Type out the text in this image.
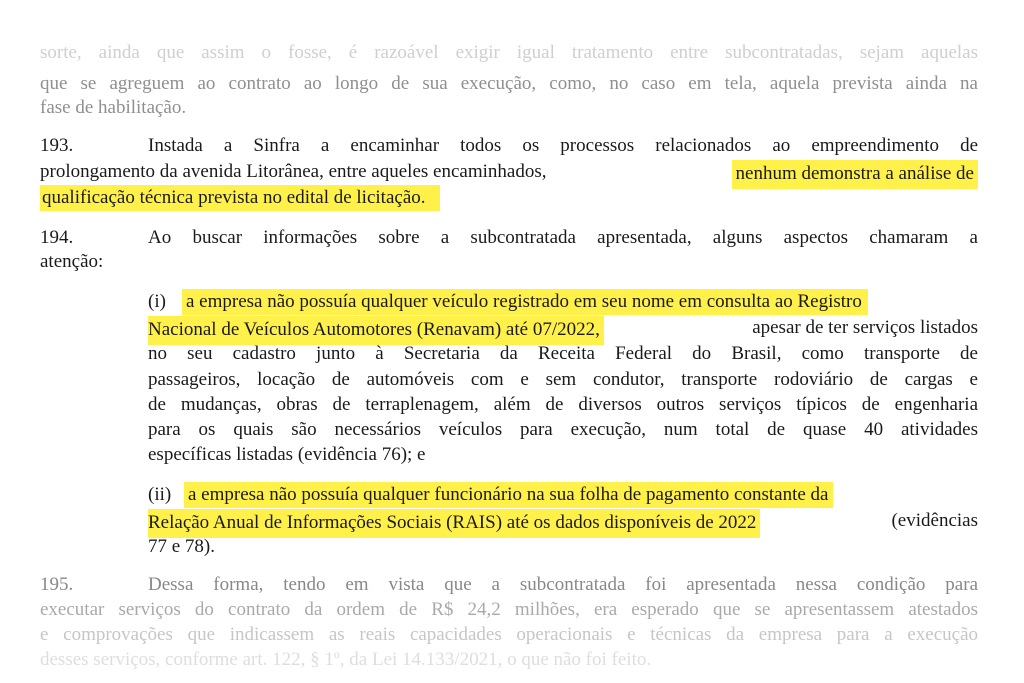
sorte, ainda que assim o fosse, é razoável exigir igual tratamento entre subcontratadas, sejam aquelas
que se agreguem ao contrato ao longo de sua execução, como, no caso em tela, aquela prevista ainda na
fase de habilitação.
193.	Instada a Sinfra a encaminhar todos os processos relacionados ao empreendimento de
prolongamento da avenida Litorânea, entre aqueles encaminhados,	nenhum demonstra a análise de
qualificação técnica prevista no edital de licitação.
194.	Ao buscar informações sobre a subcontratada apresentada, alguns aspectos chamaram a
atenção:
(i) a empresa não possuía qualquer veículo registrado em seu nome em consulta ao Registro
Nacional de Veículos Automotores (Renavam) até 07/2022,	apesar de ter serviços listados
no seu cadastro junto à Secretaria da Receita Federal do Brasil, como transporte de
passageiros, locação de automóveis com e sem condutor, transporte rodoviário de cargas e
de mudanças, obras de terraplenagem, além de diversos outros serviços típicos de engenharia
para os quais são necessários veículos para execução, num total de quase 40 atividades
específicas listadas (evidência 76); e
(ii) a empresa não possuía qualquer funcionário na sua folha de pagamento constante da
Relação Anual de Informações Sociais (RAIS) até os dados disponíveis de 2022	(evidências
77 e 78).
195.	Dessa forma, tendo em vista que a subcontratada foi apresentada nessa condição para
executar serviços do contrato da ordem de R$ 24,2 milhões, era esperado que se apresentassem atestados
e comprovações que indicassem as reais capacidades operacionais e técnicas da empresa para a execução
desses serviços, conforme art. 122, § 1º, da Lei 14.133/2021, o que não foi feito.
